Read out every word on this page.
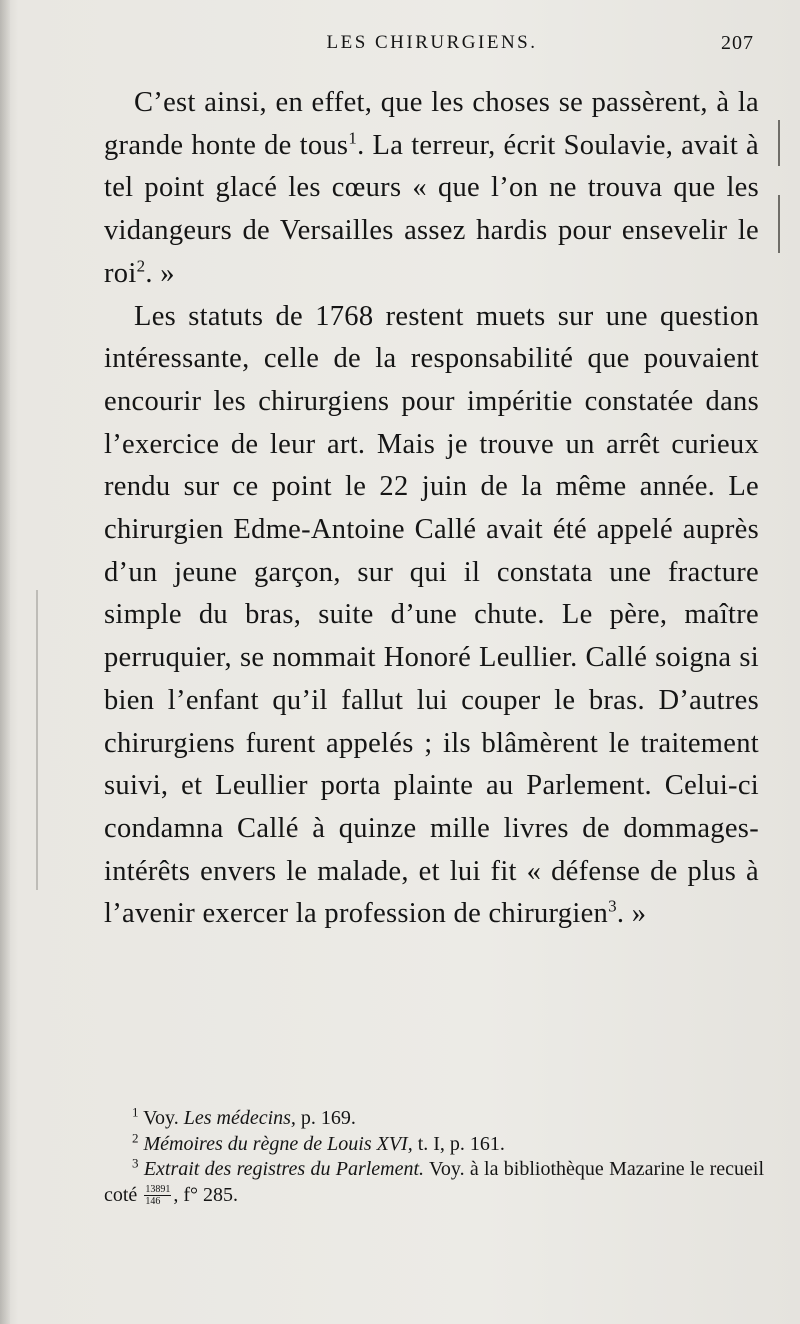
LES CHIRURGIENS.	207

C’est ainsi, en effet, que les choses se passèrent, à la grande honte de tous$^1$. La terreur, écrit Soulavie, avait à tel point glacé les cœurs « que l’on ne trouva que les vidangeurs de Versailles assez hardis pour ensevelir le roi$^2$. »

Les statuts de 1768 restent muets sur une question intéressante, celle de la responsabilité que pouvaient encourir les chirurgiens pour impéritie constatée dans l’exercice de leur art. Mais je trouve un arrêt curieux rendu sur ce point le 22 juin de la même année. Le chirurgien Edme-Antoine Callé avait été appelé auprès d’un jeune garçon, sur qui il constata une fracture simple du bras, suite d’une chute. Le père, maître perruquier, se nommait Honoré Leullier. Callé soigna si bien l’enfant qu’il fallut lui couper le bras. D’autres chirurgiens furent appelés ; ils blâmèrent le traitement suivi, et Leullier porta plainte au Parlement. Celui-ci condamna Callé à quinze mille livres de dommages-intérêts envers le malade, et lui fit « défense de plus à l’avenir exercer la profession de chirurgien$^3$. »

$^1$ Voy. Les médecins, p. 169.
$^2$ Mémoires du règne de Louis XVI, t. I, p. 161.
$^3$ Extrait des registres du Parlement. Voy. à la bibliothèque Mazarine le recueil coté $\frac{13891}{146}$ , f° 285.
